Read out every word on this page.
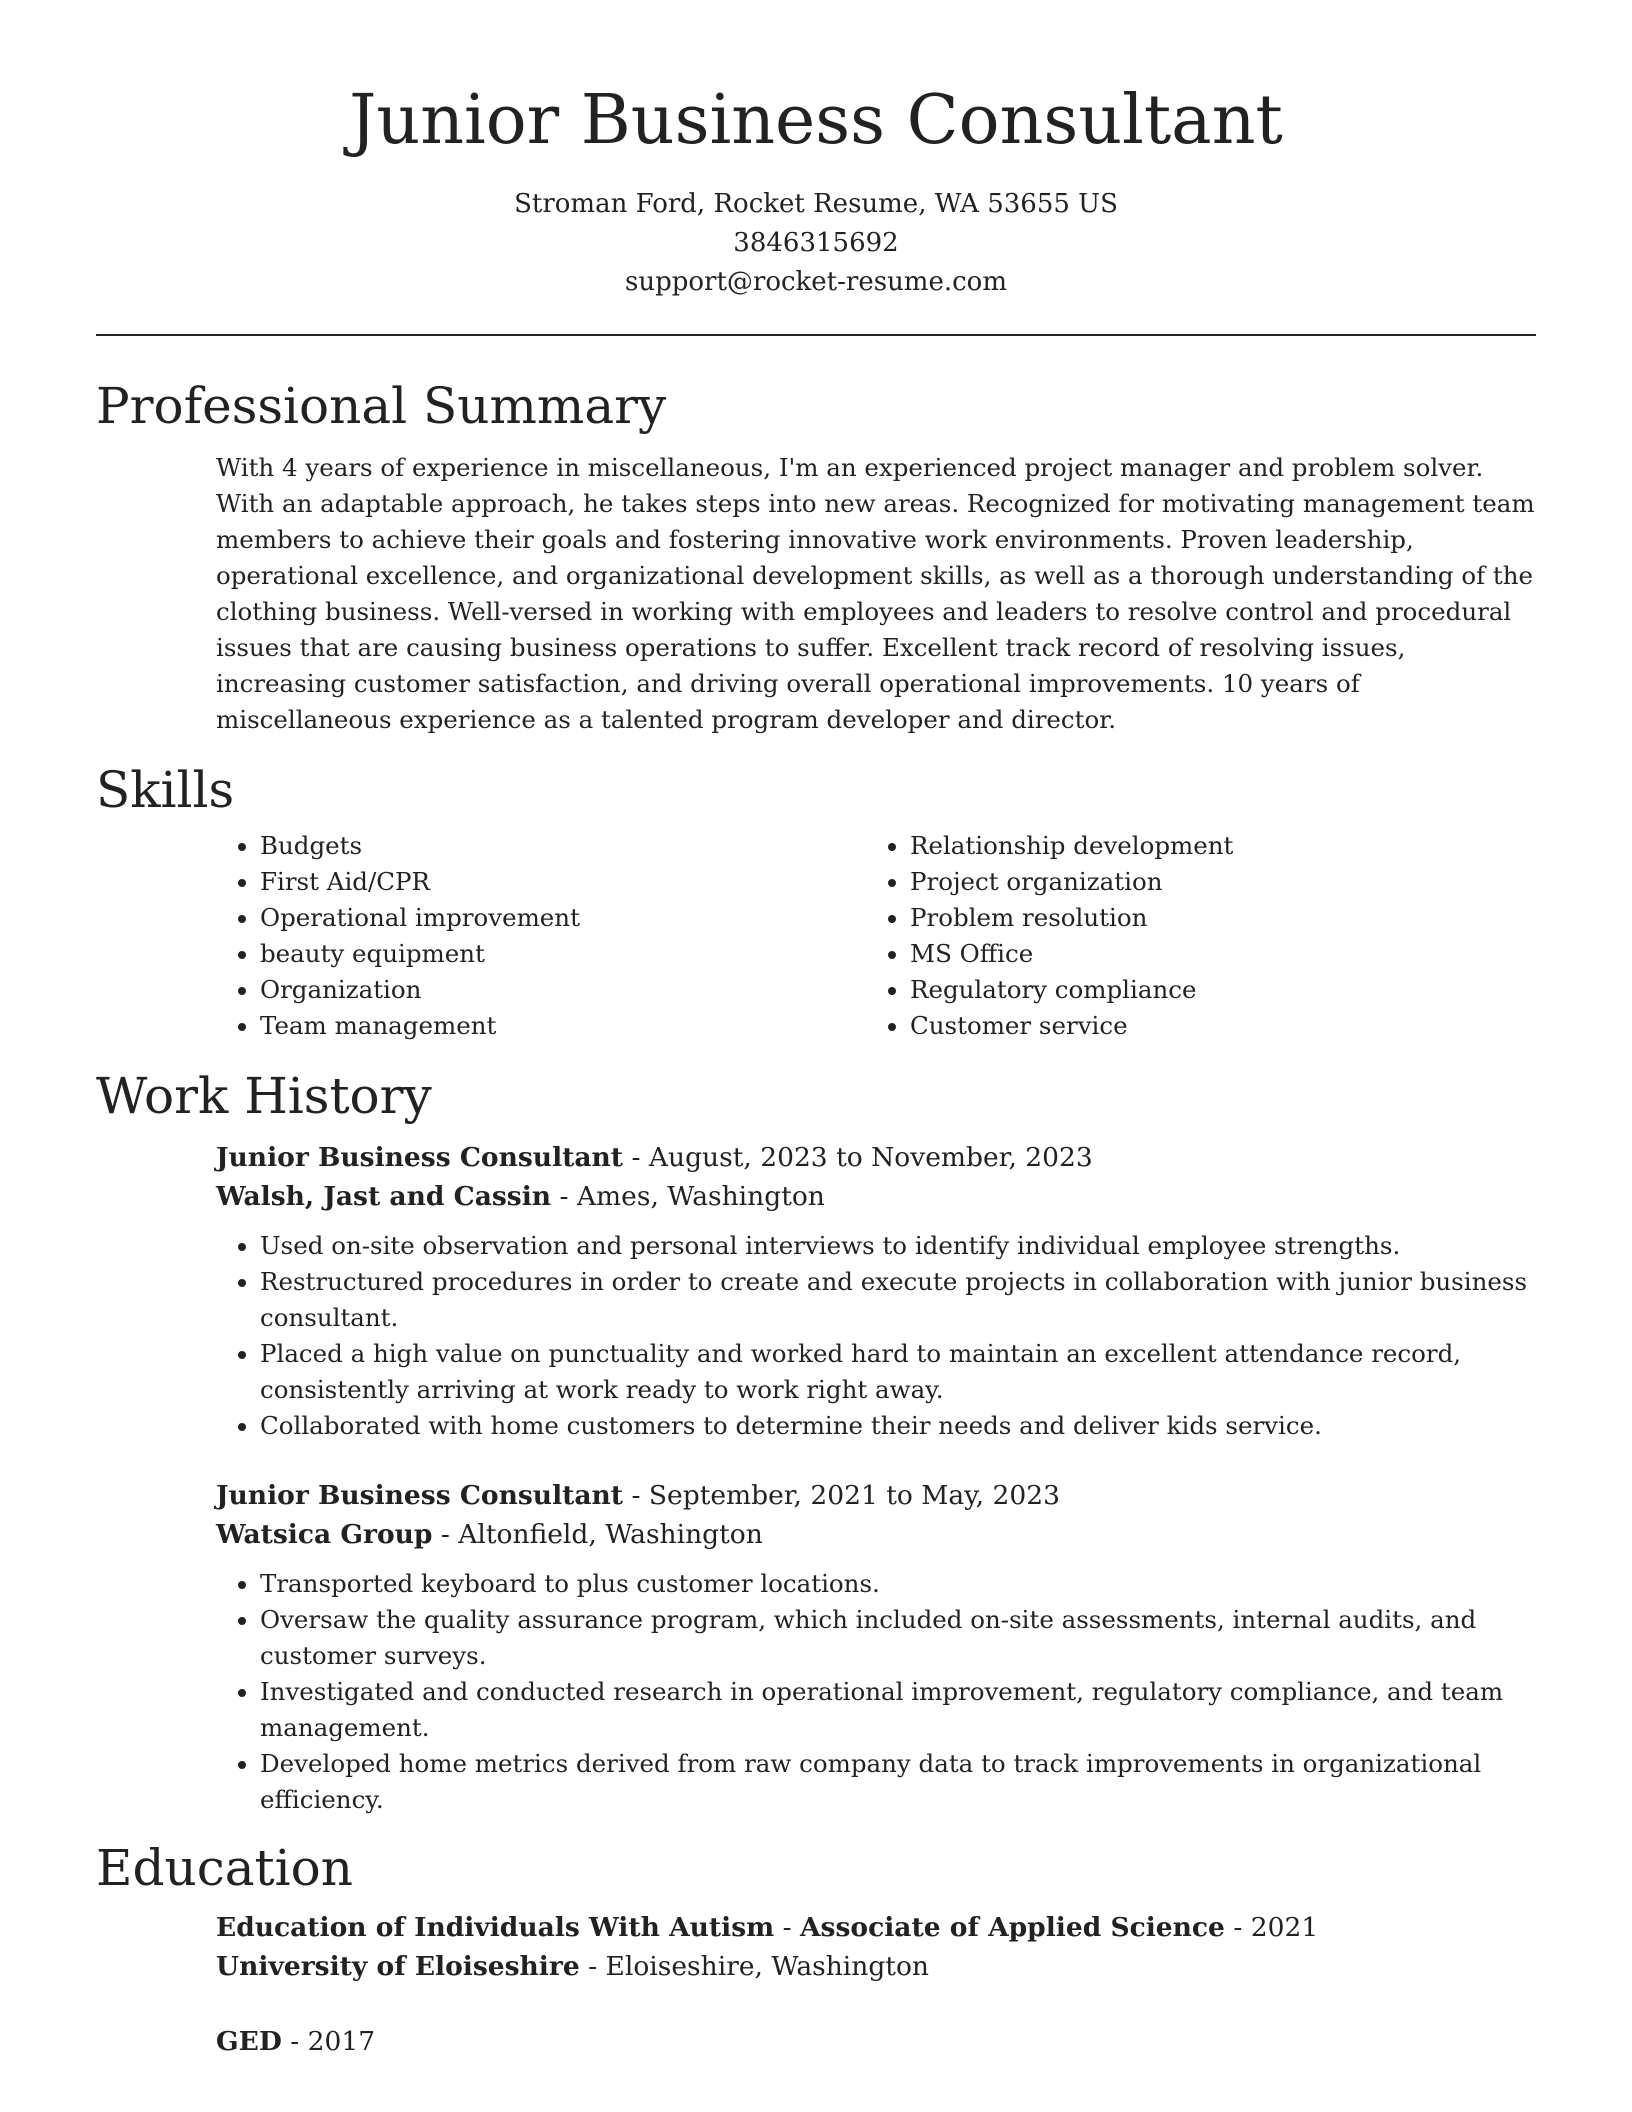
Junior Business Consultant
Stroman Ford, Rocket Resume, WA 53655 US
3846315692
support@rocket-resume.com
Professional Summary

With 4 years of experience in miscellaneous, I'm an experienced project manager and problem solver. With an adaptable approach, he takes steps into new areas. Recognized for motivating management team members to achieve their goals and fostering innovative work environments. Proven leadership, operational excellence, and organizational development skills, as well as a thorough understanding of the clothing business. Well-versed in working with employees and leaders to resolve control and procedural issues that are causing business operations to suffer. Excellent track record of resolving issues, increasing customer satisfaction, and driving overall operational improvements. 10 years of miscellaneous experience as a talented program developer and director.

Skills
• Budgets
• First Aid/CPR
• Operational improvement
• beauty equipment
• Organization
• Team management
• Relationship development
• Project organization
• Problem resolution
• MS Office
• Regulatory compliance
• Customer service
Work History
Junior Business Consultant - August, 2023 to November, 2023
Walsh, Jast and Cassin - Ames, Washington
• Used on-site observation and personal interviews to identify individual employee strengths.
• Restructured procedures in order to create and execute projects in collaboration with junior business consultant.
• Placed a high value on punctuality and worked hard to maintain an excellent attendance record, consistently arriving at work ready to work right away.
• Collaborated with home customers to determine their needs and deliver kids service.
Junior Business Consultant - September, 2021 to May, 2023
Watsica Group - Altonfield, Washington
• Transported keyboard to plus customer locations.
• Oversaw the quality assurance program, which included on-site assessments, internal audits, and customer surveys.
• Investigated and conducted research in operational improvement, regulatory compliance, and team management.
• Developed home metrics derived from raw company data to track improvements in organizational efficiency.
Education
Education of Individuals With Autism - Associate of Applied Science - 2021
University of Eloiseshire - Eloiseshire, Washington
GED - 2017
